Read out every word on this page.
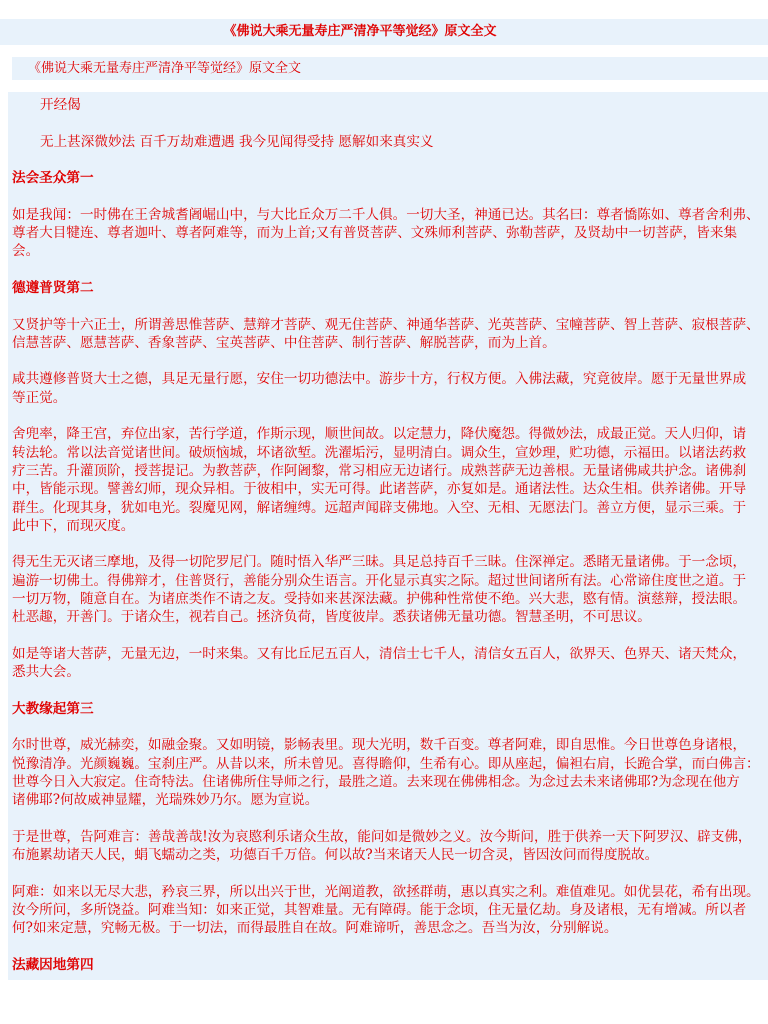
《佛说大乘无量寿庄严清净平等觉经》原文全文
《佛说大乘无量寿庄严清净平等觉经》原文全文
开经偈
无上甚深微妙法 百千万劫难遭遇 我今见闻得受持 愿解如来真实义
法会圣众第一
如是我闻：一时佛在王舍城耆阇崛山中，与大比丘众万二千人俱。一切大圣，神通已达。其名曰：尊者憍陈如、尊者舍利弗、
尊者大目犍连、尊者迦叶、尊者阿难等，而为上首;又有普贤菩萨、文殊师利菩萨、弥勒菩萨，及贤劫中一切菩萨，皆来集
会。
德遵普贤第二
又贤护等十六正士，所谓善思惟菩萨、慧辩才菩萨、观无住菩萨、神通华菩萨、光英菩萨、宝幢菩萨、智上菩萨、寂根菩萨、
信慧菩萨、愿慧菩萨、香象菩萨、宝英菩萨、中住菩萨、制行菩萨、解脱菩萨，而为上首。
咸共遵修普贤大士之德，具足无量行愿，安住一切功德法中。游步十方，行权方便。入佛法藏，究竟彼岸。愿于无量世界成
等正觉。
舍兜率，降王宫，弃位出家，苦行学道，作斯示现，顺世间故。以定慧力，降伏魔怨。得微妙法，成最正觉。天人归仰，请
转法轮。常以法音觉诸世间。破烦恼城，坏诸欲堑。洗濯垢污，显明清白。调众生，宣妙理，贮功德，示福田。以诸法药救
疗三苦。升灌顶阶，授菩提记。为教菩萨，作阿阇黎，常习相应无边诸行。成熟菩萨无边善根。无量诸佛咸共护念。诸佛刹
中，皆能示现。譬善幻师，现众异相。于彼相中，实无可得。此诸菩萨，亦复如是。通诸法性。达众生相。供养诸佛。开导
群生。化现其身，犹如电光。裂魔见网，解诸缠缚。远超声闻辟支佛地。入空、无相、无愿法门。善立方便，显示三乘。于
此中下，而现灭度。
得无生无灭诸三摩地，及得一切陀罗尼门。随时悟入华严三昧。具足总持百千三昧。住深禅定。悉睹无量诸佛。于一念顷，
遍游一切佛土。得佛辩才，住普贤行，善能分别众生语言。开化显示真实之际。超过世间诸所有法。心常谛住度世之道。于
一切万物，随意自在。为诸庶类作不请之友。受持如来甚深法藏。护佛种性常使不绝。兴大悲，愍有情。演慈辩，授法眼。
杜恶趣，开善门。于诸众生，视若自己。拯济负荷，皆度彼岸。悉获诸佛无量功德。智慧圣明，不可思议。
如是等诸大菩萨，无量无边，一时来集。又有比丘尼五百人，清信士七千人，清信女五百人，欲界天、色界天、诸天梵众，
悉共大会。
大教缘起第三
尔时世尊，威光赫奕，如融金聚。又如明镜，影畅表里。现大光明，数千百变。尊者阿难，即自思惟。今日世尊色身诸根，
悦豫清净。光颜巍巍。宝刹庄严。从昔以来，所未曾见。喜得瞻仰，生希有心。即从座起，偏袒右肩，长跪合掌，而白佛言：
世尊今日入大寂定。住奇特法。住诸佛所住导师之行，最胜之道。去来现在佛佛相念。为念过去未来诸佛耶?为念现在他方
诸佛耶?何故威神显耀，光瑞殊妙乃尔。愿为宣说。
于是世尊，告阿难言：善哉善哉!汝为哀愍利乐诸众生故，能问如是微妙之义。汝今斯问，胜于供养一天下阿罗汉、辟支佛，
布施累劫诸天人民，蜎飞蠕动之类，功德百千万倍。何以故?当来诸天人民一切含灵，皆因汝问而得度脱故。
阿难：如来以无尽大悲，矜哀三界，所以出兴于世，光阐道教，欲拯群萌，惠以真实之利。难值难见。如优昙花，希有出现。
汝今所问，多所饶益。阿难当知：如来正觉，其智难量。无有障碍。能于念顷，住无量亿劫。身及诸根，无有增减。所以者
何?如来定慧，究畅无极。于一切法，而得最胜自在故。阿难谛听，善思念之。吾当为汝，分别解说。
法藏因地第四
